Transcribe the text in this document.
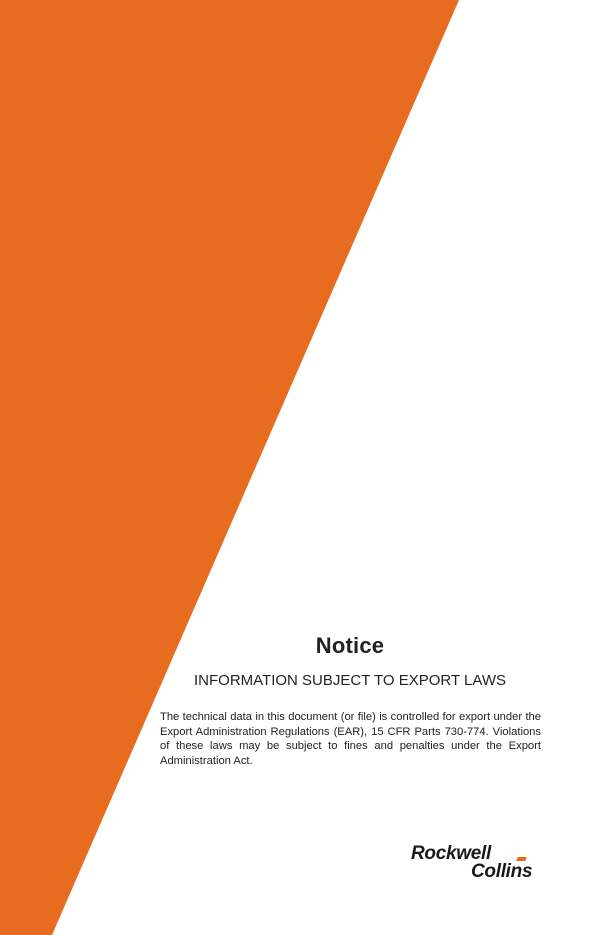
Notice
INFORMATION SUBJECT TO EXPORT LAWS

The technical data in this document (or file) is controlled for export under the Export Administration Regulations (EAR), 15 CFR Parts 730-774. Violations of these laws may be subject to fines and penalties under the Export Administration Act.

Rockwell
Collins
